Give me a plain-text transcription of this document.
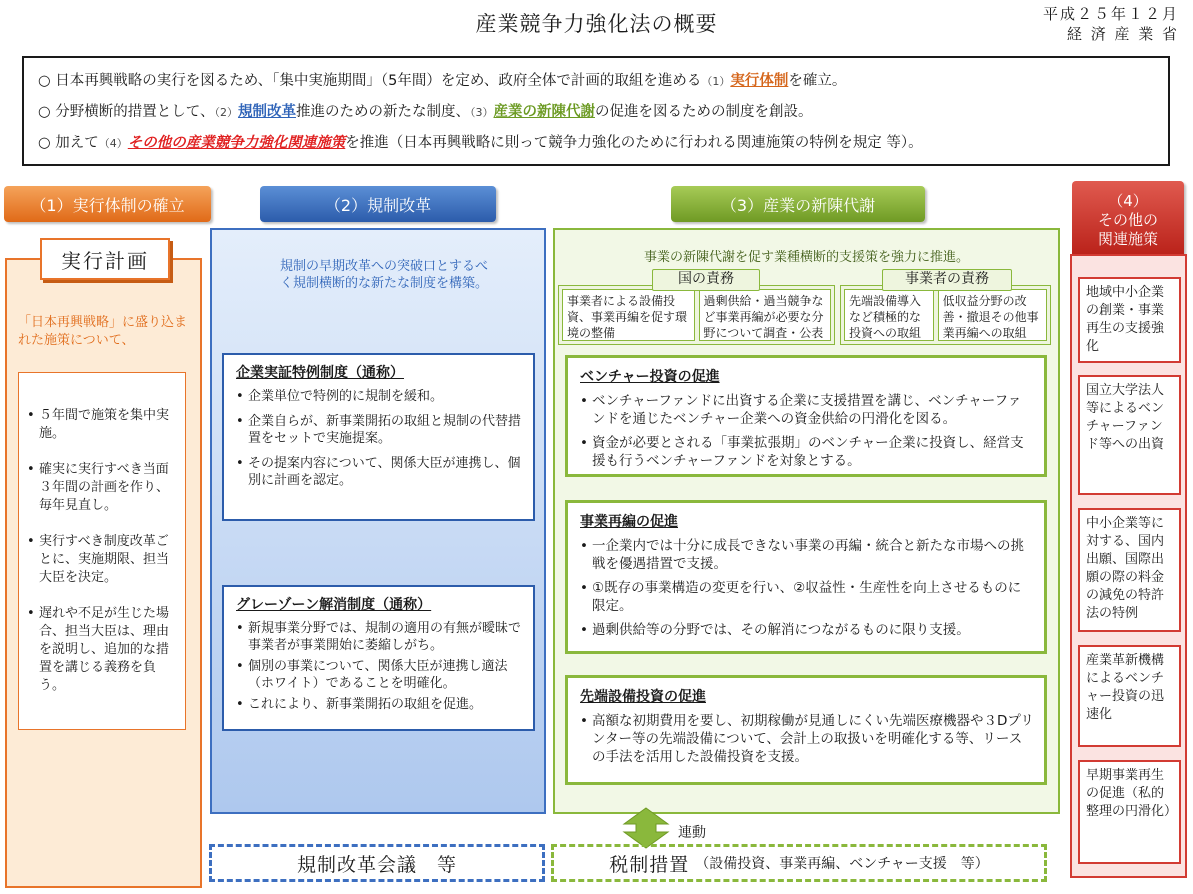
産業競争力強化法の概要	平成２５年１２月
経 済 産 業 省
○ 日本再興戦略の実行を図るため、「集中実施期間」（5年間）を定め、政府全体で計画的取組を進める（1）実行体制を確立。
○ 分野横断的措置として、（2）規制改革推進のための新たな制度、（3）産業の新陳代謝の促進を図るための制度を創設。
○ 加えて（4）その他の産業競争力強化関連施策を推進（日本再興戦略に則って競争力強化のために行われる関連施策の特例を規定 等）。
（1）実行体制の確立	（2）規制改革	（3）産業の新陳代謝	（4）
その他の
関連施策
実行計画
「日本再興戦略」に盛り込まれた施策について、
• ５年間で施策を集中実施。
• 確実に実行すべき当面３年間の計画を作り、毎年見直し。
• 実行すべき制度改革ごとに、実施期限、担当大臣を決定。
• 遅れや不足が生じた場合、担当大臣は、理由を説明し、追加的な措置を講じる義務を負う。
規制の早期改革への突破口とするべく規制横断的な新たな制度を構築。
企業実証特例制度（通称）
• 企業単位で特例的に規制を緩和。
• 企業自らが、新事業開拓の取組と規制の代替措置をセットで実施提案。
• その提案内容について、関係大臣が連携し、個別に計画を認定。
グレーゾーン解消制度（通称）
• 新規事業分野では、規制の適用の有無が曖昧で事業者が事業開始に萎縮しがち。
• 個別の事業について、関係大臣が連携し適法（ホワイト）であることを明確化。
• これにより、新事業開拓の取組を促進。
事業の新陳代謝を促す業種横断的支援策を強力に推進。
事業者による設備投資、事業再編を促す環境の整備
過剰供給・過当競争など事業再編が必要な分野について調査・公表
先端設備導入など積極的な投資への取組
低収益分野の改善・撤退その他事業再編への取組
国の責務	事業者の責務
ベンチャー投資の促進
• ベンチャーファンドに出資する企業に支援措置を講じ、ベンチャーファンドを通じたベンチャー企業への資金供給の円滑化を図る。
• 資金が必要とされる「事業拡張期」のベンチャー企業に投資し、経営支援も行うベンチャーファンドを対象とする。
事業再編の促進
• 一企業内では十分に成長できない事業の再編・統合と新たな市場への挑戦を優遇措置で支援。
• ①既存の事業構造の変更を行い、②収益性・生産性を向上させるものに限定。
• 過剰供給等の分野では、その解消につながるものに限り支援。
先端設備投資の促進
• 高額な初期費用を要し、初期稼働が見通しにくい先端医療機器や３Dプリンター等の先端設備について、会計上の取扱いを明確化する等、リースの手法を活用した設備投資を支援。
地域中小企業の創業・事業再生の支援強化
国立大学法人等によるベンチャーファンド等への出資
中小企業等に対する、国内出願、国際出願の際の料金の減免の特許法の特例
産業革新機構によるベンチャー投資の迅速化
早期事業再生の促進（私的整理の円滑化）
連動
規制改革会議　等	税制措置 （設備投資、事業再編、ベンチャー支援　等）
